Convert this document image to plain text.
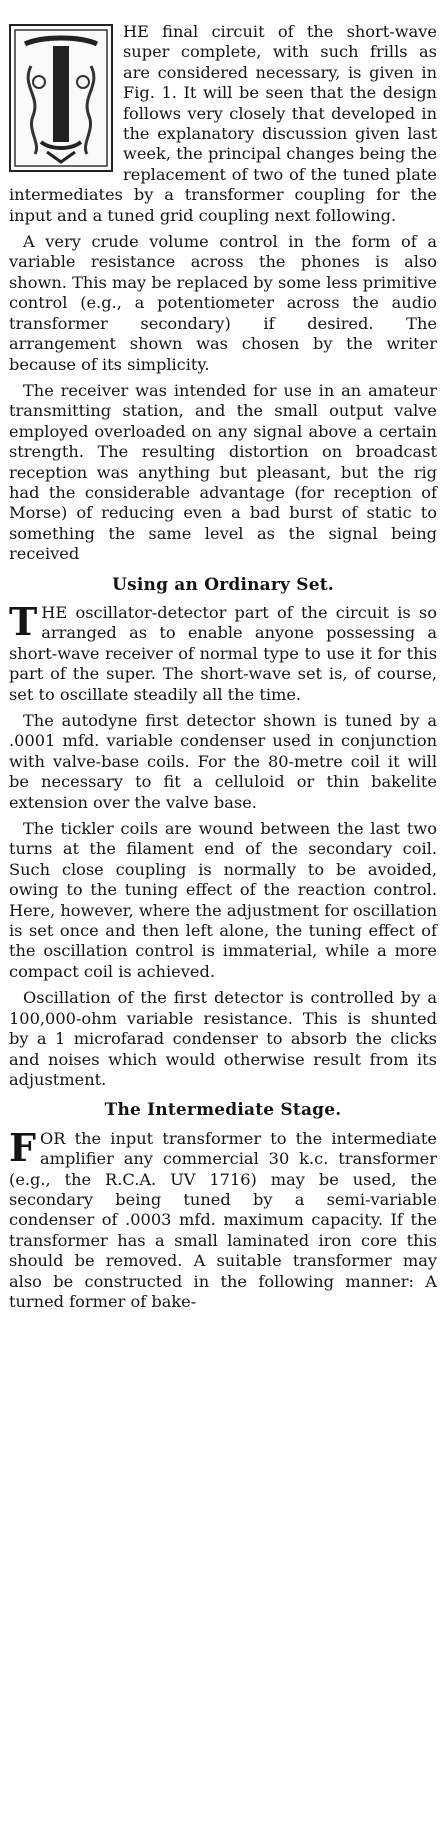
HE final circuit of the short-wave super complete, with such frills as are considered necessary, is given in Fig. 1. It will be seen that the design follows very closely that developed in the explanatory discussion given last week, the principal changes being the replacement of two of the tuned plate intermediates by a transformer coupling for the input and a tuned grid coupling next following.

A very crude volume control in the form of a variable resistance across the phones is also shown. This may be replaced by some less primitive control (e.g., a potentiometer across the audio transformer secondary) if desired. The arrangement shown was chosen by the writer because of its simplicity.

The receiver was intended for use in an amateur transmitting station, and the small output valve employed overloaded on any signal above a certain strength. The resulting distortion on broadcast reception was anything but pleasant, but the rig had the considerable advantage (for reception of Morse) of reducing even a bad burst of static to something the same level as the signal being received

Using an Ordinary Set.

THE oscillator-detector part of the circuit is so arranged as to enable anyone possessing a short-wave receiver of normal type to use it for this part of the super. The short-wave set is, of course, set to oscillate steadily all the time.

The autodyne first detector shown is tuned by a .0001 mfd. variable condenser used in conjunction with valve-base coils. For the 80-metre coil it will be necessary to fit a celluloid or thin bakelite extension over the valve base.

The tickler coils are wound between the last two turns at the filament end of the secondary coil. Such close coupling is normally to be avoided, owing to the tuning effect of the reaction control. Here, however, where the adjustment for oscillation is set once and then left alone, the tuning effect of the oscillation control is immaterial, while a more compact coil is achieved.

Oscillation of the first detector is controlled by a 100,000-ohm variable resistance. This is shunted by a 1 microfarad condenser to absorb the clicks and noises which would otherwise result from its adjustment.

The Intermediate Stage.

FOR the input transformer to the intermediate amplifier any commercial 30 k.c. transformer (e.g., the R.C.A. UV 1716) may be used, the secondary being tuned by a semi-variable condenser of .0003 mfd. maximum capacity. If the transformer has a small laminated iron core this should be removed. A suitable transformer may also be constructed in the following manner: A turned former of bake-
